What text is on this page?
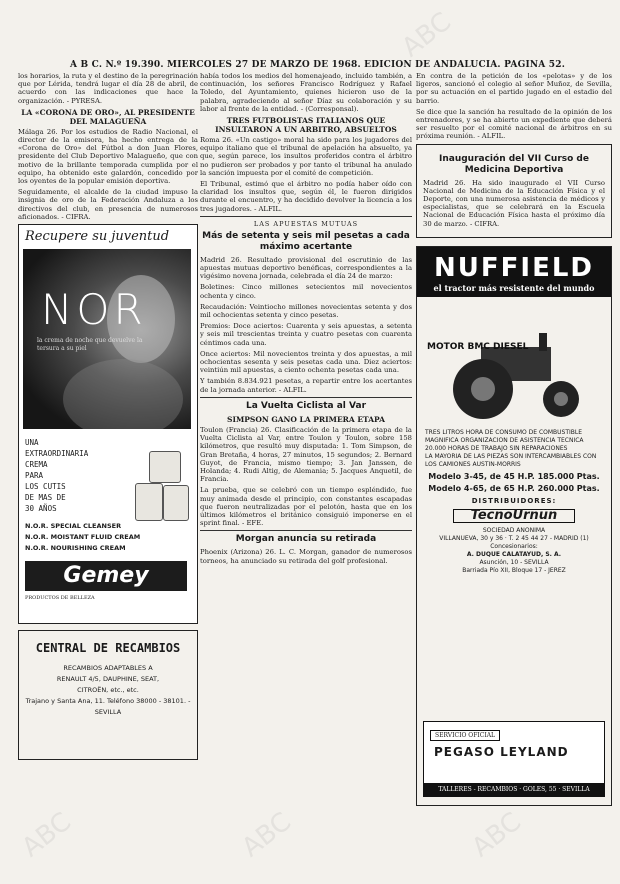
A B C. N.º 19.390. MIERCOLES 27 DE MARZO DE 1968. EDICION DE ANDALUCIA. PAGINA 52.

los horarios, la ruta y el destino de la peregrinación que por Lérida, tendrá lugar el día 28 de abril, de acuerdo con las indicaciones que hace la organización. - PYRESA.

LA «CORONA DE ORO», AL PRESIDENTE DEL MALAGUEÑA

Málaga 26. Por los estudios de Radio Nacional, el director de la emisora, ha hecho entrega de la «Corona de Oro» del Fútbol a don Juan Flores, presidente del Club Deportivo Malagueño, que con motivo de la brillante temporada cumplida por el equipo, ha obtenido este galardón, concedido por los oyentes de la popular emisión deportiva.

Seguidamente, el alcalde de la ciudad impuso la insignia de oro de la Federación Andaluza a los directivos del club, en presencia de numerosos aficionados. - CIFRA.

Recupere su juventud
NOR
la crema de noche que devuelve la tersura a su piel
UNA
EXTRAORDINARIA
CREMA
PARA
LOS CUTIS
DE MAS DE
30 AÑOS
N.O.R. SPECIAL CLEANSER
N.O.R. MOISTANT FLUID CREAM
N.O.R. NOURISHING CREAM
Gemey
PRODUCTOS DE BELLEZA
CENTRAL DE RECAMBIOS
RECAMBIOS ADAPTABLES A
RENAULT 4/5, DAUPHINE, SEAT,
CITROËN, etc., etc.
Trajano y Santa Ana, 11. Teléfono 38000 - 38101. - SEVILLA

había todos los medios del homenajeado, incluido también, a continuación, los señores Francisco Rodríguez y Rafael Toledo, del Ayuntamiento, quienes hicieron uso de la palabra, agradeciendo al señor Díaz su colaboración y su labor al frente de la entidad. - (Corresponsal).

TRES FUTBOLISTAS ITALIANOS QUE INSULTARON A UN ARBITRO, ABSUELTOS

Roma 26. «Un castigo» moral ha sido para los jugadores del equipo italiano que el tribunal de apelación ha absuelto, ya que, según parece, los insultos proferidos contra el árbitro no pudieron ser probados y por tanto el tribunal ha anulado la sanción impuesta por el comité de competición.

El Tribunal, estimó que el árbitro no podía haber oído con claridad los insultos que, según él, le fueron dirigidos durante el encuentro, y ha decidido devolver la licencia a los tres jugadores. - ALFIL.

LAS APUESTAS MUTUAS
Más de setenta y seis mil pesetas a cada máximo acertante

Madrid 26. Resultado provisional del escrutinio de las apuestas mutuas deportivo benéficas, correspondientes a la vigésimo novena jornada, celebrada el día 24 de marzo:

Boletines: Cinco millones setecientos mil novecientos ochenta y cinco.

Recaudación: Veintiocho millones novecientas setenta y dos mil ochocientas setenta y cinco pesetas.

Premios: Doce aciertos: Cuarenta y seis apuestas, a setenta y seis mil trescientas treinta y cuatro pesetas con cuarenta céntimos cada una.

Once aciertos: Mil novecientos treinta y dos apuestas, a mil ochocientas sesenta y seis pesetas cada una. Diez aciertos: veintiún mil apuestas, a ciento ochenta pesetas cada una.

Y también 8.834.921 pesetas, a repartir entre los acertantes de la jornada anterior. - ALFIL.

La Vuelta Ciclista al Var
SIMPSON GANO LA PRIMERA ETAPA

Toulon (Francia) 26. Clasificación de la primera etapa de la Vuelta Ciclista al Var, entre Toulon y Toulon, sobre 158 kilómetros, que resultó muy disputada: 1. Tom Simpson, de Gran Bretaña, 4 horas, 27 minutos, 15 segundos; 2. Bernard Guyot, de Francia, mismo tiempo; 3. Jan Janssen, de Holanda; 4. Rudi Altig, de Alemania; 5. Jacques Anquetil, de Francia.

La prueba, que se celebró con un tiempo espléndido, fue muy animada desde el principio, con constantes escapadas que fueron neutralizadas por el pelotón, hasta que en los últimos kilómetros el británico consiguió imponerse en el sprint final. - EFE.

Morgan anuncia su retirada

Phoenix (Arizona) 26. L. C. Morgan, ganador de numerosos torneos, ha anunciado su retirada del golf profesional.

En contra de la petición de los «pelotas» y de los ligeros, sancionó el colegio al señor Muñoz, de Sevilla, por su actuación en el partido jugado en el estadio del barrio.

Se dice que la sanción ha resultado de la opinión de los entrenadores, y se ha abierto un expediente que deberá ser resuelto por el comité nacional de árbitros en su próxima reunión. - ALFIL.

Inauguración del VII Curso de Medicina Deportiva

Madrid 26. Ha sido inaugurado el VII Curso Nacional de Medicina de la Educación Física y el Deporte, con una numerosa asistencia de médicos y especialistas, que se celebrará en la Escuela Nacional de Educación Física hasta el próximo día 30 de marzo. - CIFRA.

NUFFIELD
el tractor más resistente del mundo
MOTOR BMC DIESEL
TRES LITROS HORA DE CONSUMO DE COMBUSTIBLE
MAGNIFICA ORGANIZACION DE ASISTENCIA TECNICA
20.000 HORAS DE TRABAJO SIN REPARACIONES
LA MAYORIA DE LAS PIEZAS SON INTERCAMBIABLES CON LOS CAMIONES AUSTIN-MORRIS
Modelo 3-45, de 45 H.P. 185.000 Ptas.
Modelo 4-65, de 65 H.P. 260.000 Ptas.
DISTRIBUIDORES:
TecnoUrnun
SOCIEDAD ANONIMA
VILLANUEVA, 30 y 36 · T. 2 45 44 27 - MADRID (1)
Concesionarios:
A. DUQUE CALATAYUD, S. A.
Asunción, 10 - SEVILLA
Barriada Pío XII, Bloque 17 - JEREZ
SERVICIO OFICIAL
PEGASO LEYLAND
TALLERES - RECAMBIOS · GOLES, 55 · SEVILLA
ABC
ABC	ABC	ABC
